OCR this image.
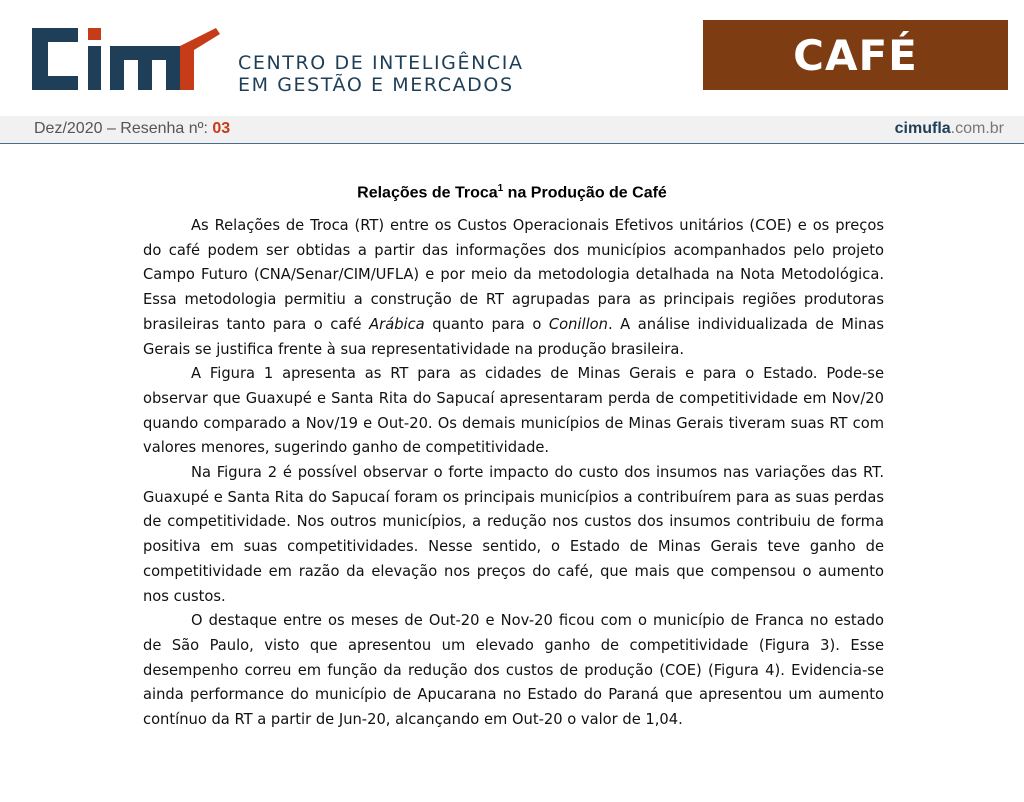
CENTRO DE INTELIGÊNCIA
EM GESTÃO E MERCADOS
CAFÉ
Dez/2020 – Resenha nº: 03	cimufla.com.br
Relações de Troca$^1$ na Produção de Café

As Relações de Troca (RT) entre os Custos Operacionais Efetivos unitários (COE) e os preços do café podem ser obtidas a partir das informações dos municípios acompanhados pelo projeto Campo Futuro (CNA/Senar/CIM/UFLA) e por meio da metodologia detalhada na Nota Metodológica. Essa metodologia permitiu a construção de RT agrupadas para as principais regiões produtoras brasileiras tanto para o café Arábica quanto para o Conillon. A análise individualizada de Minas Gerais se justifica frente à sua representatividade na produção brasileira.

A Figura 1 apresenta as RT para as cidades de Minas Gerais e para o Estado. Pode-se observar que Guaxupé e Santa Rita do Sapucaí apresentaram perda de competitividade em Nov/20 quando comparado a Nov/19 e Out-20. Os demais municípios de Minas Gerais tiveram suas RT com valores menores, sugerindo ganho de competitividade.

Na Figura 2 é possível observar o forte impacto do custo dos insumos nas variações das RT. Guaxupé e Santa Rita do Sapucaí foram os principais municípios a contribuírem para as suas perdas de competitividade. Nos outros municípios, a redução nos custos dos insumos contribuiu de forma positiva em suas competitividades. Nesse sentido, o Estado de Minas Gerais teve ganho de competitividade em razão da elevação nos preços do café, que mais que compensou o aumento nos custos.

O destaque entre os meses de Out-20 e Nov-20 ficou com o município de Franca no estado de São Paulo, visto que apresentou um elevado ganho de competitividade (Figura 3). Esse desempenho correu em função da redução dos custos de produção (COE) (Figura 4). Evidencia-se ainda performance do município de Apucarana no Estado do Paraná que apresentou um aumento contínuo da RT a partir de Jun-20, alcançando em Out-20 o valor de 1,04.
